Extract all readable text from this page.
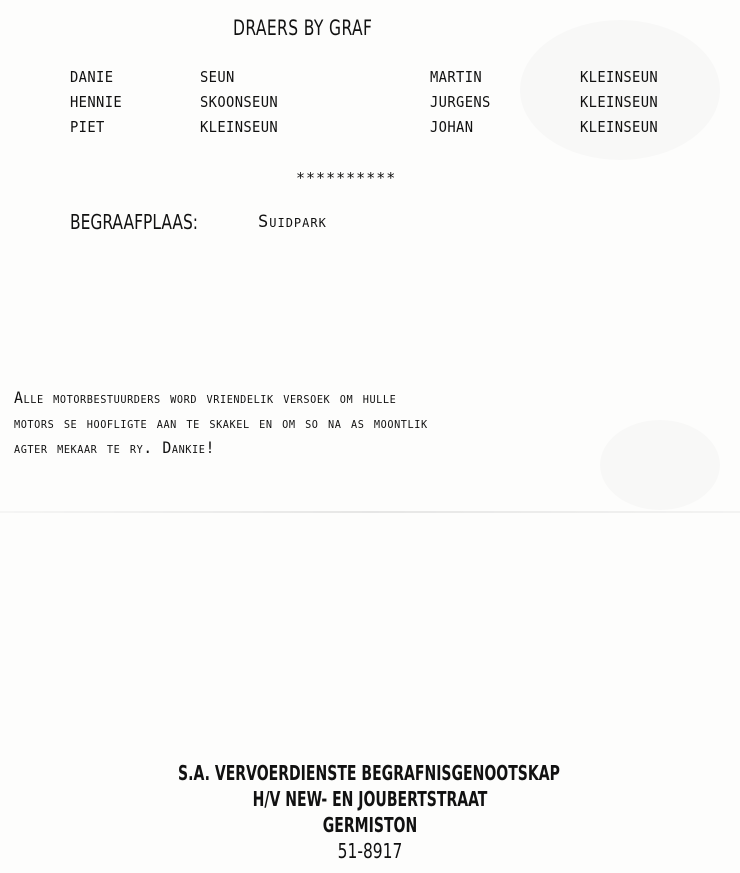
DRAERS BY GRAF
DANIE	SEUN	MARTIN	KLEINSEUN
HENNIE	SKOONSEUN	JURGENS	KLEINSEUN
PIET	KLEINSEUN	JOHAN	KLEINSEUN
**********
BEGRAAFPLAAS:	suidpark
Alle motorbestuurders word vriendelik versoek om hulle
motors se hoofligte aan te skakel en om so na as moontlik
agter mekaar te ry. Dankie!
S.A. VERVOERDIENSTE BEGRAFNISGENOOTSKAP
H/V NEW- EN JOUBERTSTRAAT
GERMISTON
51-8917
